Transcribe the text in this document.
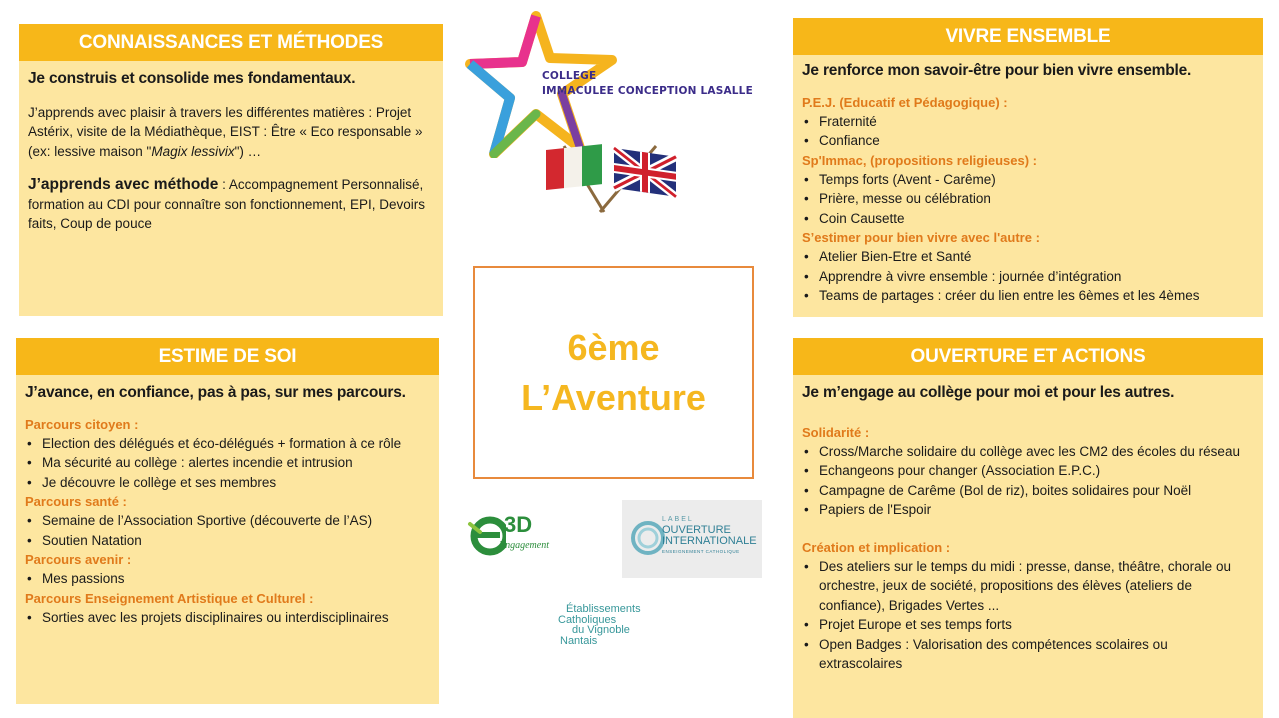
CONNAISSANCES ET MÉTHODES
Je construis et consolide mes fondamentaux.

J’apprends avec plaisir à travers les différentes matières : Projet Astérix, visite de la Médiathèque, EIST : Être « Eco responsable » (ex: lessive maison "Magix lessivix") …

J’apprends avec méthode : Accompagnement Personnalisé, formation au CDI pour connaître son fonctionnement, EPI, Devoirs faits, Coup de pouce

VIVRE ENSEMBLE
Je renforce mon savoir-être pour bien vivre ensemble.
P.E.J. (Educatif et Pédagogique) :
• Fraternité
• Confiance
Sp'Immac, (propositions religieuses) :
• Temps forts (Avent - Carême)
• Prière, messe ou célébration
• Coin Causette
S’estimer pour bien vivre avec l'autre :
• Atelier Bien-Etre et Santé
• Apprendre à vivre ensemble : journée d’intégration
• Teams de partages : créer du lien entre les 6èmes et les 4èmes
ESTIME DE SOI
J’avance, en confiance, pas à pas, sur mes parcours.
Parcours citoyen :
• Election des délégués et éco-délégués + formation à ce rôle
• Ma sécurité au collège : alertes incendie et intrusion
• Je découvre le collège et ses membres
Parcours santé :
• Semaine de l’Association Sportive (découverte de l’AS)
• Soutien Natation
Parcours avenir :
• Mes passions
Parcours Enseignement Artistique et Culturel :
• Sorties avec les projets disciplinaires ou interdisciplinaires
OUVERTURE ET ACTIONS
Je m’engage au collège pour moi et pour les autres.
Solidarité :
• Cross/Marche solidaire du collège avec les CM2 des écoles du réseau
• Echangeons pour changer (Association E.P.C.)
• Campagne de Carême (Bol de riz), boites solidaires pour Noël
• Papiers de l'Espoir
Création et implication :
• Des ateliers sur le temps du midi : presse, danse, théâtre, chorale ou orchestre, jeux de société, propositions des élèves (ateliers de confiance), Brigades Vertes ...
• Projet Europe et ses temps forts
• Open Badges : Valorisation des compétences scolaires ou extrascolaires
6ème
L’Aventure
COLLEGE
IMMACULEE CONCEPTION LASALLE
3D
Engagement
LABEL
OUVERTURE
INTERNATIONALE
ENSEIGNEMENT CATHOLIQUE
Établissements
Catholiques
du Vignoble
Nantais
